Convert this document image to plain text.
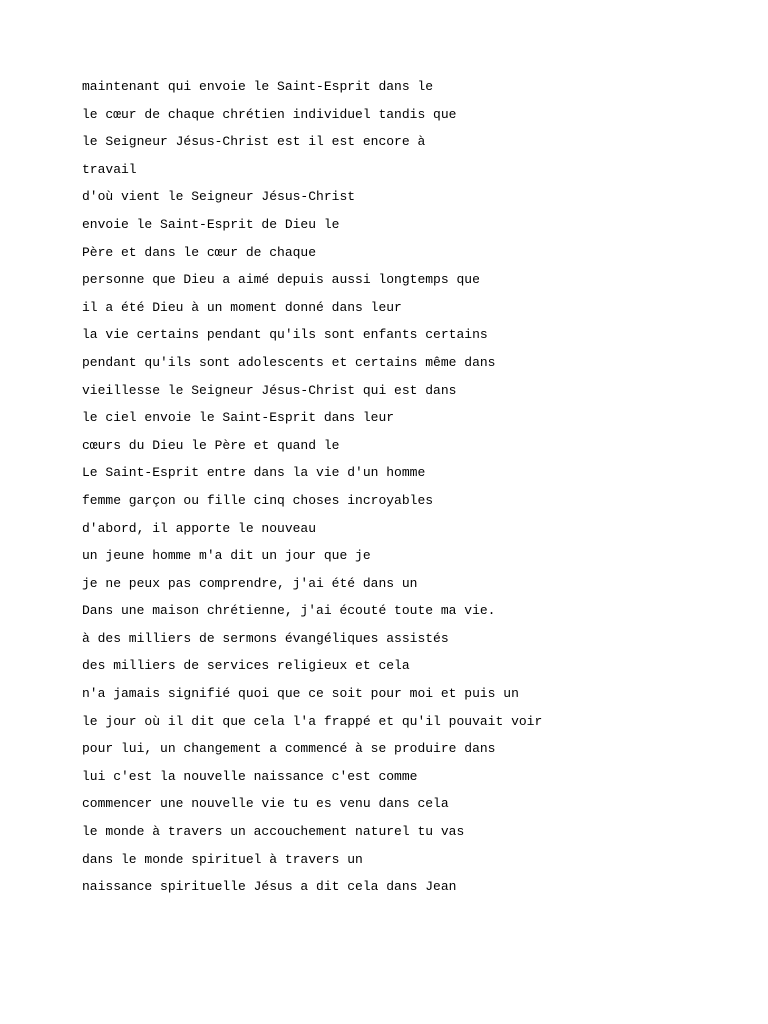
maintenant qui envoie le Saint-Esprit dans le

le cœur de chaque chrétien individuel tandis que

le Seigneur Jésus-Christ est il est encore à

travail

d'où vient le Seigneur Jésus-Christ

envoie le Saint-Esprit de Dieu le

Père et dans le cœur de chaque

personne que Dieu a aimé depuis aussi longtemps que

il a été Dieu à un moment donné dans leur

la vie certains pendant qu'ils sont enfants certains

pendant qu'ils sont adolescents et certains même dans

vieillesse le Seigneur Jésus-Christ qui est dans

le ciel envoie le Saint-Esprit dans leur

cœurs du Dieu le Père et quand le

Le Saint-Esprit entre dans la vie d'un homme

femme garçon ou fille cinq choses incroyables

d'abord, il apporte le nouveau

un jeune homme m'a dit un jour que je

je ne peux pas comprendre, j'ai été dans un

Dans une maison chrétienne, j'ai écouté toute ma vie.

à des milliers de sermons évangéliques assistés

des milliers de services religieux et cela

n'a jamais signifié quoi que ce soit pour moi et puis un

le jour où il dit que cela l'a frappé et qu'il pouvait voir

pour lui, un changement a commencé à se produire dans

lui c'est la nouvelle naissance c'est comme

commencer une nouvelle vie tu es venu dans cela

le monde à travers un accouchement naturel tu vas

dans le monde spirituel à travers un

naissance spirituelle Jésus a dit cela dans Jean
